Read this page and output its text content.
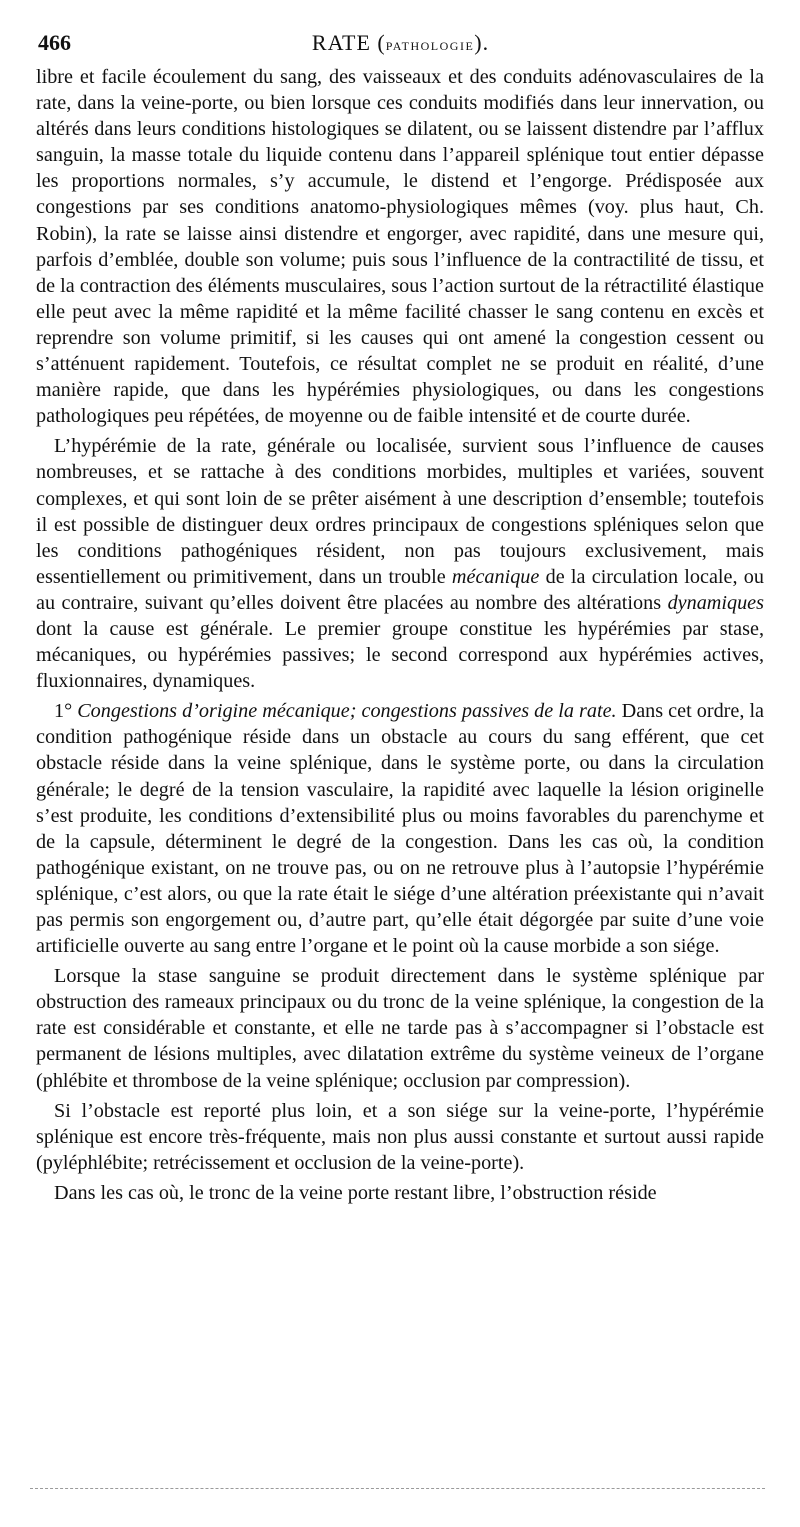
466	RATE (pathologie).

libre et facile écoulement du sang, des vaisseaux et des conduits adénovasculaires de la rate, dans la veine-porte, ou bien lorsque ces conduits modifiés dans leur innervation, ou altérés dans leurs conditions histologiques se dilatent, ou se laissent distendre par l’afflux sanguin, la masse totale du liquide contenu dans l’appareil splénique tout entier dépasse les proportions normales, s’y accumule, le distend et l’engorge. Prédisposée aux congestions par ses conditions anatomo-physiologiques mêmes (voy. plus haut, Ch. Robin), la rate se laisse ainsi distendre et engorger, avec rapidité, dans une mesure qui, parfois d’emblée, double son volume; puis sous l’influence de la contractilité de tissu, et de la contraction des éléments musculaires, sous l’action surtout de la rétractilité élastique elle peut avec la même rapidité et la même facilité chasser le sang contenu en excès et reprendre son volume primitif, si les causes qui ont amené la congestion cessent ou s’atténuent rapidement. Toutefois, ce résultat complet ne se produit en réalité, d’une manière rapide, que dans les hypérémies physiologiques, ou dans les congestions pathologiques peu répétées, de moyenne ou de faible intensité et de courte durée.

L’hypérémie de la rate, générale ou localisée, survient sous l’influence de causes nombreuses, et se rattache à des conditions morbides, multiples et variées, souvent complexes, et qui sont loin de se prêter aisément à une description d’ensemble; toutefois il est possible de distinguer deux ordres principaux de congestions spléniques selon que les conditions pathogéniques résident, non pas toujours exclusivement, mais essentiellement ou primitivement, dans un trouble mécanique de la circulation locale, ou au contraire, suivant qu’elles doivent être placées au nombre des altérations dynamiques dont la cause est générale. Le premier groupe constitue les hypérémies par stase, mécaniques, ou hypérémies passives; le second correspond aux hypérémies actives, fluxionnaires, dynamiques.

1° Congestions d’origine mécanique; congestions passives de la rate. Dans cet ordre, la condition pathogénique réside dans un obstacle au cours du sang efférent, que cet obstacle réside dans la veine splénique, dans le système porte, ou dans la circulation générale; le degré de la tension vasculaire, la rapidité avec laquelle la lésion originelle s’est produite, les conditions d’extensibilité plus ou moins favorables du parenchyme et de la capsule, déterminent le degré de la congestion. Dans les cas où, la condition pathogénique existant, on ne trouve pas, ou on ne retrouve plus à l’autopsie l’hypérémie splénique, c’est alors, ou que la rate était le siége d’une altération préexistante qui n’avait pas permis son engorgement ou, d’autre part, qu’elle était dégorgée par suite d’une voie artificielle ouverte au sang entre l’organe et le point où la cause morbide a son siége.

Lorsque la stase sanguine se produit directement dans le système splénique par obstruction des rameaux principaux ou du tronc de la veine splénique, la congestion de la rate est considérable et constante, et elle ne tarde pas à s’accompagner si l’obstacle est permanent de lésions multiples, avec dilatation extrême du système veineux de l’organe (phlébite et thrombose de la veine splénique; occlusion par compression).

Si l’obstacle est reporté plus loin, et a son siége sur la veine-porte, l’hypérémie splénique est encore très-fréquente, mais non plus aussi constante et surtout aussi rapide (pyléphlébite; retrécissement et occlusion de la veine-porte).

Dans les cas où, le tronc de la veine porte restant libre, l’obstruction réside
